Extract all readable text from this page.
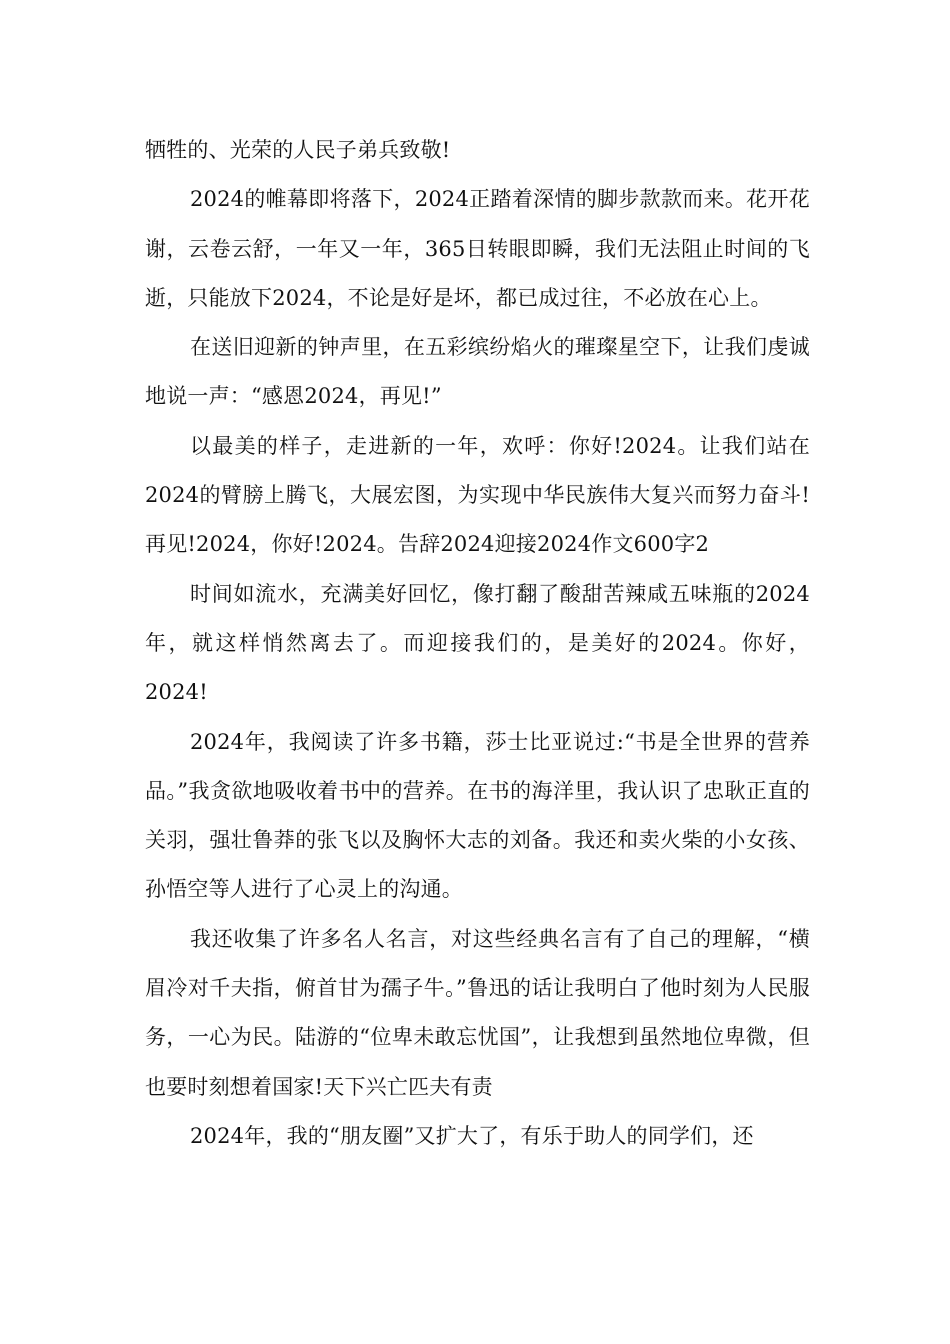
牺牲的、光荣的人民子弟兵致敬!

2024的帷幕即将落下，2024正踏着深情的脚步款款而来。花开花谢，云卷云舒，一年又一年，365日转眼即瞬，我们无法阻止时间的飞逝，只能放下2024，不论是好是坏，都已成过往，不必放在心上。

在送旧迎新的钟声里，在五彩缤纷焰火的璀璨星空下，让我们虔诚地说一声：“感恩2024，再见!”

以最美的样子，走进新的一年，欢呼：你好!2024。让我们站在2024的臂膀上腾飞，大展宏图，为实现中华民族伟大复兴而努力奋斗!再见!2024，你好!2024。告辞2024迎接2024作文600字2

时间如流水，充满美好回忆，像打翻了酸甜苦辣咸五味瓶的2024年，就这样悄然离去了。而迎接我们的，是美好的2024。你好，2024!

2024年，我阅读了许多书籍，莎士比亚说过:“书是全世界的营养品。”我贪欲地吸收着书中的营养。在书的海洋里，我认识了忠耿正直的关羽，强壮鲁莽的张飞以及胸怀大志的刘备。我还和卖火柴的小女孩、孙悟空等人进行了心灵上的沟通。

我还收集了许多名人名言，对这些经典名言有了自己的理解，“横眉冷对千夫指，俯首甘为孺子牛。”鲁迅的话让我明白了他时刻为人民服务，一心为民。陆游的“位卑未敢忘忧国”，让我想到虽然地位卑微，但也要时刻想着国家!天下兴亡匹夫有责

2024年，我的“朋友圈”又扩大了，有乐于助人的同学们，还
